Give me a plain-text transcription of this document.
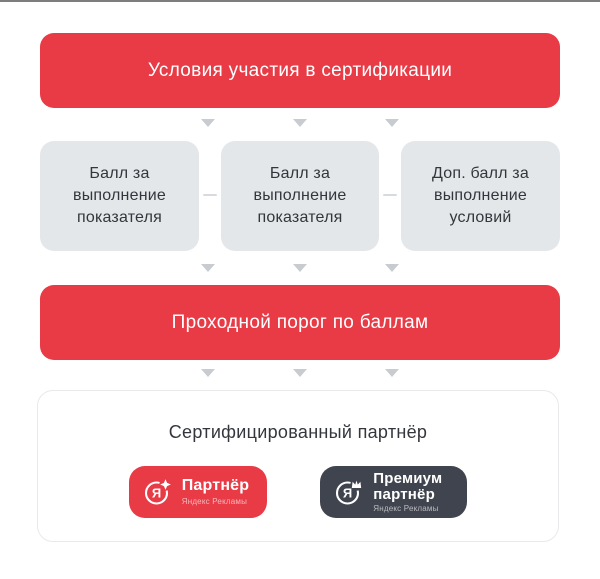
Условия участия в сертификации
Балл за выполнение показателя
Балл за выполнение показателя
Доп. балл за выполнение условий
Проходной порог по баллам
Сертифицированный партнёр
Я Партнёр
Яндекс Рекламы
Я
Премиум партнёр
Яндекс Рекламы
